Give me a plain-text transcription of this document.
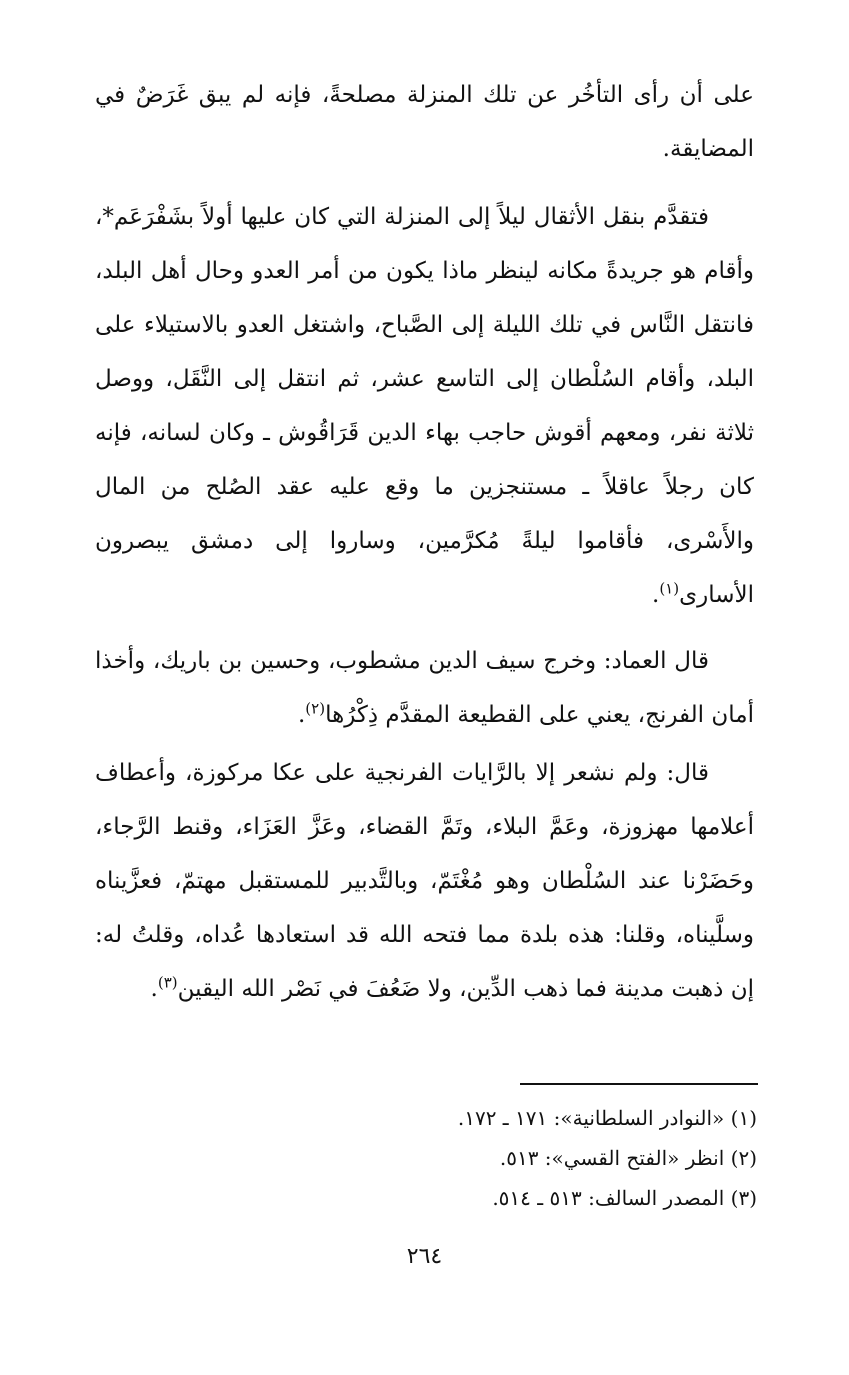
على أن رأى التأخُر عن تلك المنزلة مصلحةً، فإنه لم يبق غَرَضٌ في المضايقة.
فتقدَّم بنقل الأثقال ليلاً إلى المنزلة التي كان عليها أولاً بشَفْرَعَم*، وأقام هو جريدةً مكانه لينظر ماذا يكون من أمر العدو وحال أهل البلد، فانتقل النَّاس في تلك الليلة إلى الصَّباح، واشتغل العدو بالاستيلاء على البلد، وأقام السُلْطان إلى التاسع عشر، ثم انتقل إلى النَّقَل، ووصل ثلاثة نفر، ومعهم أقوش حاجب بهاء الدين قَرَاقُوش ـ وكان لسانه، فإنه كان رجلاً عاقلاً ـ مستنجزين ما وقع عليه عقد الصُلح من المال والأَسْرى، فأقاموا ليلةً مُكرَّمين، وساروا إلى دمشق يبصرون الأسارى$^{(١)}$.
قال العماد: وخرج سيف الدين مشطوب، وحسين بن باريك، وأخذا أمان الفرنج، يعني على القطيعة المقدَّم ذِكْرُها$^{(٢)}$.
قال: ولم نشعر إلا بالرَّايات الفرنجية على عكا مركوزة، وأعطاف أعلامها مهزوزة، وعَمَّ البلاء، وتَمَّ القضاء، وعَزَّ العَزَاء، وقنط الرَّجاء، وحَضَرْنا عند السُلْطان وهو مُغْتَمّ، وبالتَّدبير للمستقبل مهتمّ، فعزَّيناه وسلَّيناه، وقلنا: هذه بلدة مما فتحه الله قد استعادها عُداه، وقلتُ له: إن ذهبت مدينة فما ذهب الدِّين، ولا ضَعُفَ في نَصْر الله اليقين$^{(٣)}$.
(١) «النوادر السلطانية»: ١٧١ ـ ١٧٢.
(٢) انظر «الفتح القسي»: ٥١٣.
(٣) المصدر السالف: ٥١٣ ـ ٥١٤.
٢٦٤
